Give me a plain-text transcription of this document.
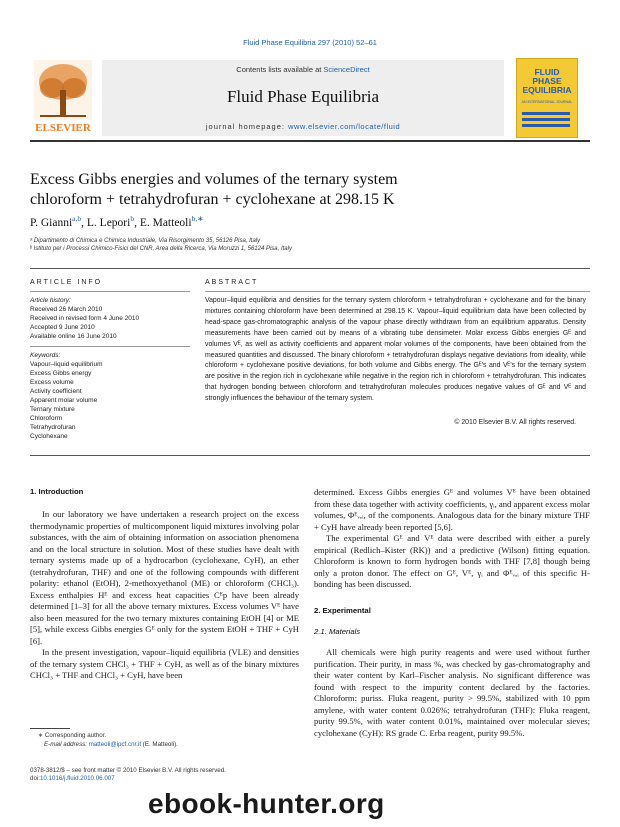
Fluid Phase Equilibria 297 (2010) 52–61
Contents lists available at ScienceDirect
Fluid Phase Equilibria
journal homepage: www.elsevier.com/locate/fluid
ELSEVIER
FLUID PHASE EQUILIBRIA
AN INTERNATIONAL JOURNAL
Excess Gibbs energies and volumes of the ternary system
chloroform + tetrahydrofuran + cyclohexane at 298.15 K
P. Gianni$^{a,b}$, L. Lepori$^b$, E. Matteoli$^{b,∗}$
ᵃ Dipartimento di Chimica e Chimica Industriale, Via Risorgimento 35, 56126 Pisa, Italy
ᵇ Istituto per i Processi Chimico-Fisici del CNR, Area della Ricerca, Via Moruzzi 1, 56124 Pisa, Italy
ARTICLE INFO
Article history:
Received 26 March 2010
Received in revised form 4 June 2010
Accepted 9 June 2010
Available online 16 June 2010
Keywords:
Vapour–liquid equilibrium
Excess Gibbs energy
Excess volume
Activity coefficient
Apparent molar volume
Ternary mixture
Chloroform
Tetrahydrofuran
Cyclohexane
ABSTRACT
Vapour–liquid equilibria and densities for the ternary system chloroform + tetrahydrofuran + cyclohexane and for the binary mixtures containing chloroform have been determined at 298.15 K. Vapour–liquid equilibrium data have been collected by head-space gas-chromatographic analysis of the vapour phase directly withdrawn from an equilibrium apparatus. Density measurements have been carried out by means of a vibrating tube densimeter. Molar excess Gibbs energies Gᴱ and volumes Vᴱ, as well as activity coefficients and apparent molar volumes of the components, have been obtained from the measured quantities and discussed. The binary chloroform + tetrahydrofuran displays negative deviations from ideality, while chloroform + cyclohexane positive deviations, for both volume and Gibbs energy. The Gᴱ's and Vᴱ's for the ternary system are positive in the region rich in cyclohexane while negative in the region rich in chloroform + tetrahydrofuran. This indicates that hydrogen bonding between chloroform and tetrahydrofuran molecules produces negative values of Gᴱ and Vᴱ and strongly influences the behaviour of the ternary system.
© 2010 Elsevier B.V. All rights reserved.
1. Introduction

In our laboratory we have undertaken a research project on the excess thermodynamic properties of multicomponent liquid mixtures involving polar substances, with the aim of obtaining information on association phenomena and on the local structure in solution. Most of these studies have dealt with ternary systems made up of a hydrocarbon (cyclohexane, CyH), an ether (tetrahydrofuran, THF) and one of the following compounds with different polarity: ethanol (EtOH), 2-methoxyethanol (ME) or chloroform (CHCl₃). Excess enthalpies Hᴱ and excess heat capacities Cᴱp have been already determined [1–3] for all the above ternary mixtures. Excess volumes Vᴱ have also been measured for the two ternary mixtures containing EtOH [4] or ME [5], while excess Gibbs energies Gᴱ only for the system EtOH + THF + CyH [6].

In the present investigation, vapour–liquid equilibria (VLE) and densities of the ternary system CHCl₃ + THF + CyH, as well as of the binary mixtures CHCl₃ + THF and CHCl₃ + CyH, have been

determined. Excess Gibbs energies Gᴱ and volumes Vᴱ have been obtained from these data together with activity coefficients, γᵢ, and apparent excess molar volumes, Φᴱᵥ,ᵢ, of the components. Analogous data for the binary mixture THF + CyH have already been reported [5,6].

The experimental Gᴱ and Vᴱ data were described with either a purely empirical (Redlich–Kister (RK)) and a predictive (Wilson) fitting equation. Chloroform is known to form hydrogen bonds with THF [7,8] though being only a proton donor. The effect on Gᴱ, Vᴱ, γᵢ and Φᴱᵥ,ᵢ of this specific H-bonding has been discussed.

2. Experimental
2.1. Materials

All chemicals were high purity reagents and were used without further purification. Their purity, in mass %, was checked by gas-chromatography and their water content by Karl–Fischer analysis. No significant difference was found with respect to the impurity content declared by the factories. Chloroform: puriss. Fluka reagent, purity > 99.5%, stabilized with 10 ppm amylene, with water content 0.026%; tetrahydrofuran (THF): Fluka reagent, purity 99.5%, with water content 0.01%, maintained over molecular sieves; cyclohexane (CyH): RS grade C. Erba reagent, purity 99.5%.

∗ Corresponding author.
E-mail address: matteoli@ipcf.cnr.it (E. Matteoli).
0378-3812/$ – see front matter © 2010 Elsevier B.V. All rights reserved.
doi:10.1016/j.fluid.2010.06.007
ebook-hunter.org
